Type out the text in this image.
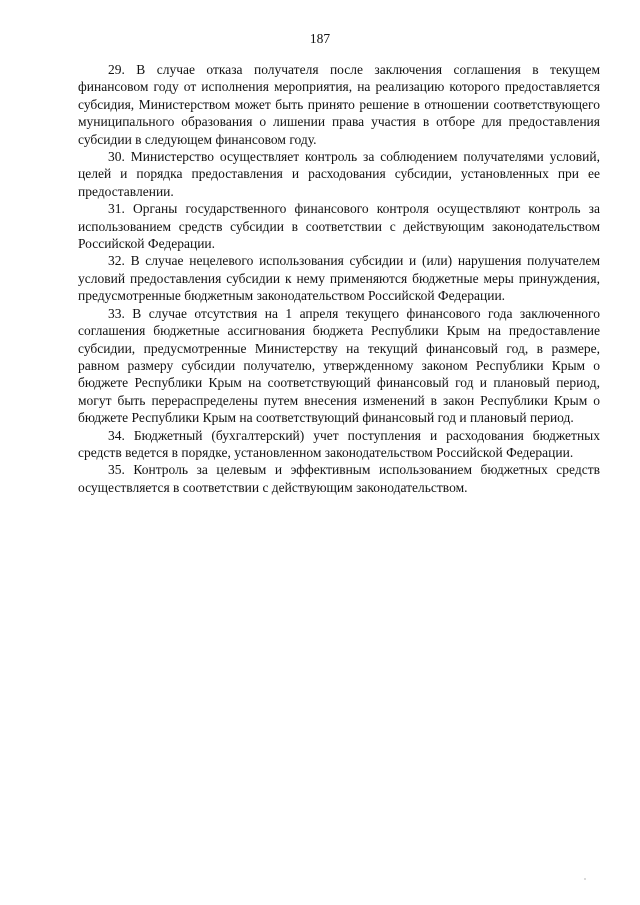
187

29. В случае отказа получателя после заключения соглашения в текущем финансовом году от исполнения мероприятия, на реализацию которого предоставляется субсидия, Министерством может быть принято решение в отношении соответствующего муниципального образования о лишении права участия в отборе для предоставления субсидии в следующем финансовом году.

30. Министерство осуществляет контроль за соблюдением получателями условий, целей и порядка предоставления и расходования субсидии, установленных при ее предоставлении.

31. Органы государственного финансового контроля осуществляют контроль за использованием средств субсидии в соответствии с действующим законодательством Российской Федерации.

32. В случае нецелевого использования субсидии и (или) нарушения получателем условий предоставления субсидии к нему применяются бюджетные меры принуждения, предусмотренные бюджетным законодательством Российской Федерации.

33. В случае отсутствия на 1 апреля текущего финансового года заключенного соглашения бюджетные ассигнования бюджета Республики Крым на предоставление субсидии, предусмотренные Министерству на текущий финансовый год, в размере, равном размеру субсидии получателю, утвержденному законом Республики Крым о бюджете Республики Крым на соответствующий финансовый год и плановый период, могут быть перераспределены путем внесения изменений в закон Республики Крым о бюджете Республики Крым на соответствующий финансовый год и плановый период.

34. Бюджетный (бухгалтерский) учет поступления и расходования бюджетных средств ведется в порядке, установленном законодательством Российской Федерации.

35. Контроль за целевым и эффективным использованием бюджетных средств осуществляется в соответствии с действующим законодательством.
